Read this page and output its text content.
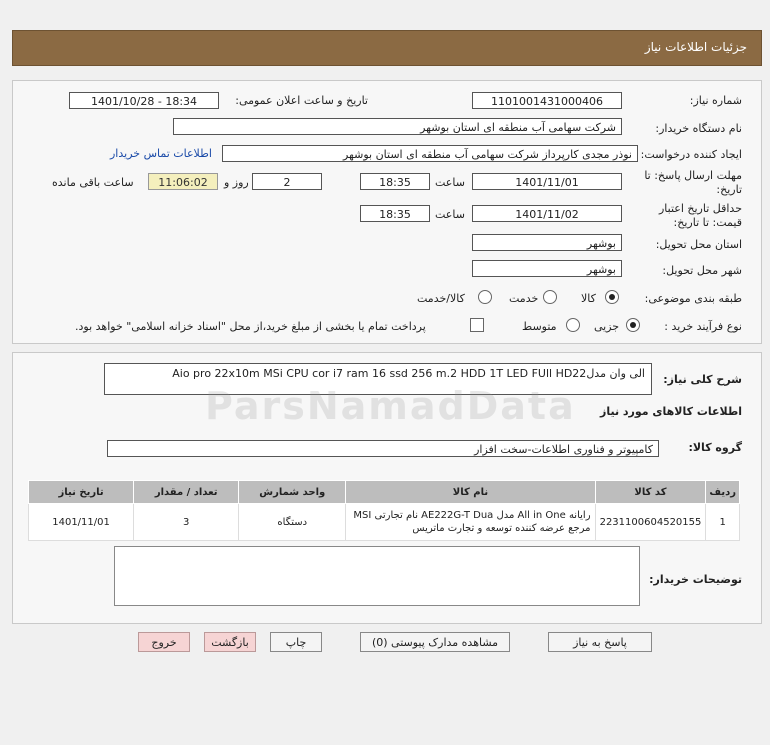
جزئیات اطلاعات نیاز
شماره نیاز:
1101001431000406
تاریخ و ساعت اعلان عمومی:
1401/10/28 - 18:34
نام دستگاه خریدار:
شرکت سهامی آب منطقه ای استان بوشهر
ایجاد کننده درخواست:
نوذر مجدی کارپرداز شرکت سهامی آب منطقه ای استان بوشهر
اطلاعات تماس خریدار
مهلت ارسال پاسخ: تا
تاریخ:
1401/11/01
ساعت
18:35
2
روز و
11:06:02
ساعت باقی مانده
حداقل تاریخ اعتبار
قیمت: تا تاریخ:
1401/11/02
ساعت
18:35
استان محل تحویل:
بوشهر
شهر محل تحویل:
بوشهر
طبقه بندی موضوعی:
کالا
خدمت
کالا/خدمت
نوع فرآیند خرید :
جزیی
متوسط
پرداخت تمام یا بخشی از مبلغ خرید،از محل "اسناد خزانه اسلامی" خواهد بود.
شرح کلی نیاز:
الی وان مدلAio pro 22x10m MSi CPU cor i7 ram 16 ssd 256 m.2 HDD 1T LED FUll HD22
اطلاعات کالاهای مورد نیاز
گروه کالا:
کامپیوتر و فناوری اطلاعات-سخت افزار
ردیف	کد کالا	نام کالا	واحد شمارش	تعداد / مقدار	تاریخ نیاز
1	2231100604520155	رایانه All in One مدل AE222G-T Dua نام تجارتی MSI مرجع عرضه کننده توسعه و تجارت ماتریس	دستگاه	3	1401/11/01
توضیحات خریدار:
ParsNamadData
پاسخ به نیاز
مشاهده مدارک پیوستی (0)
چاپ
بازگشت
خروج
